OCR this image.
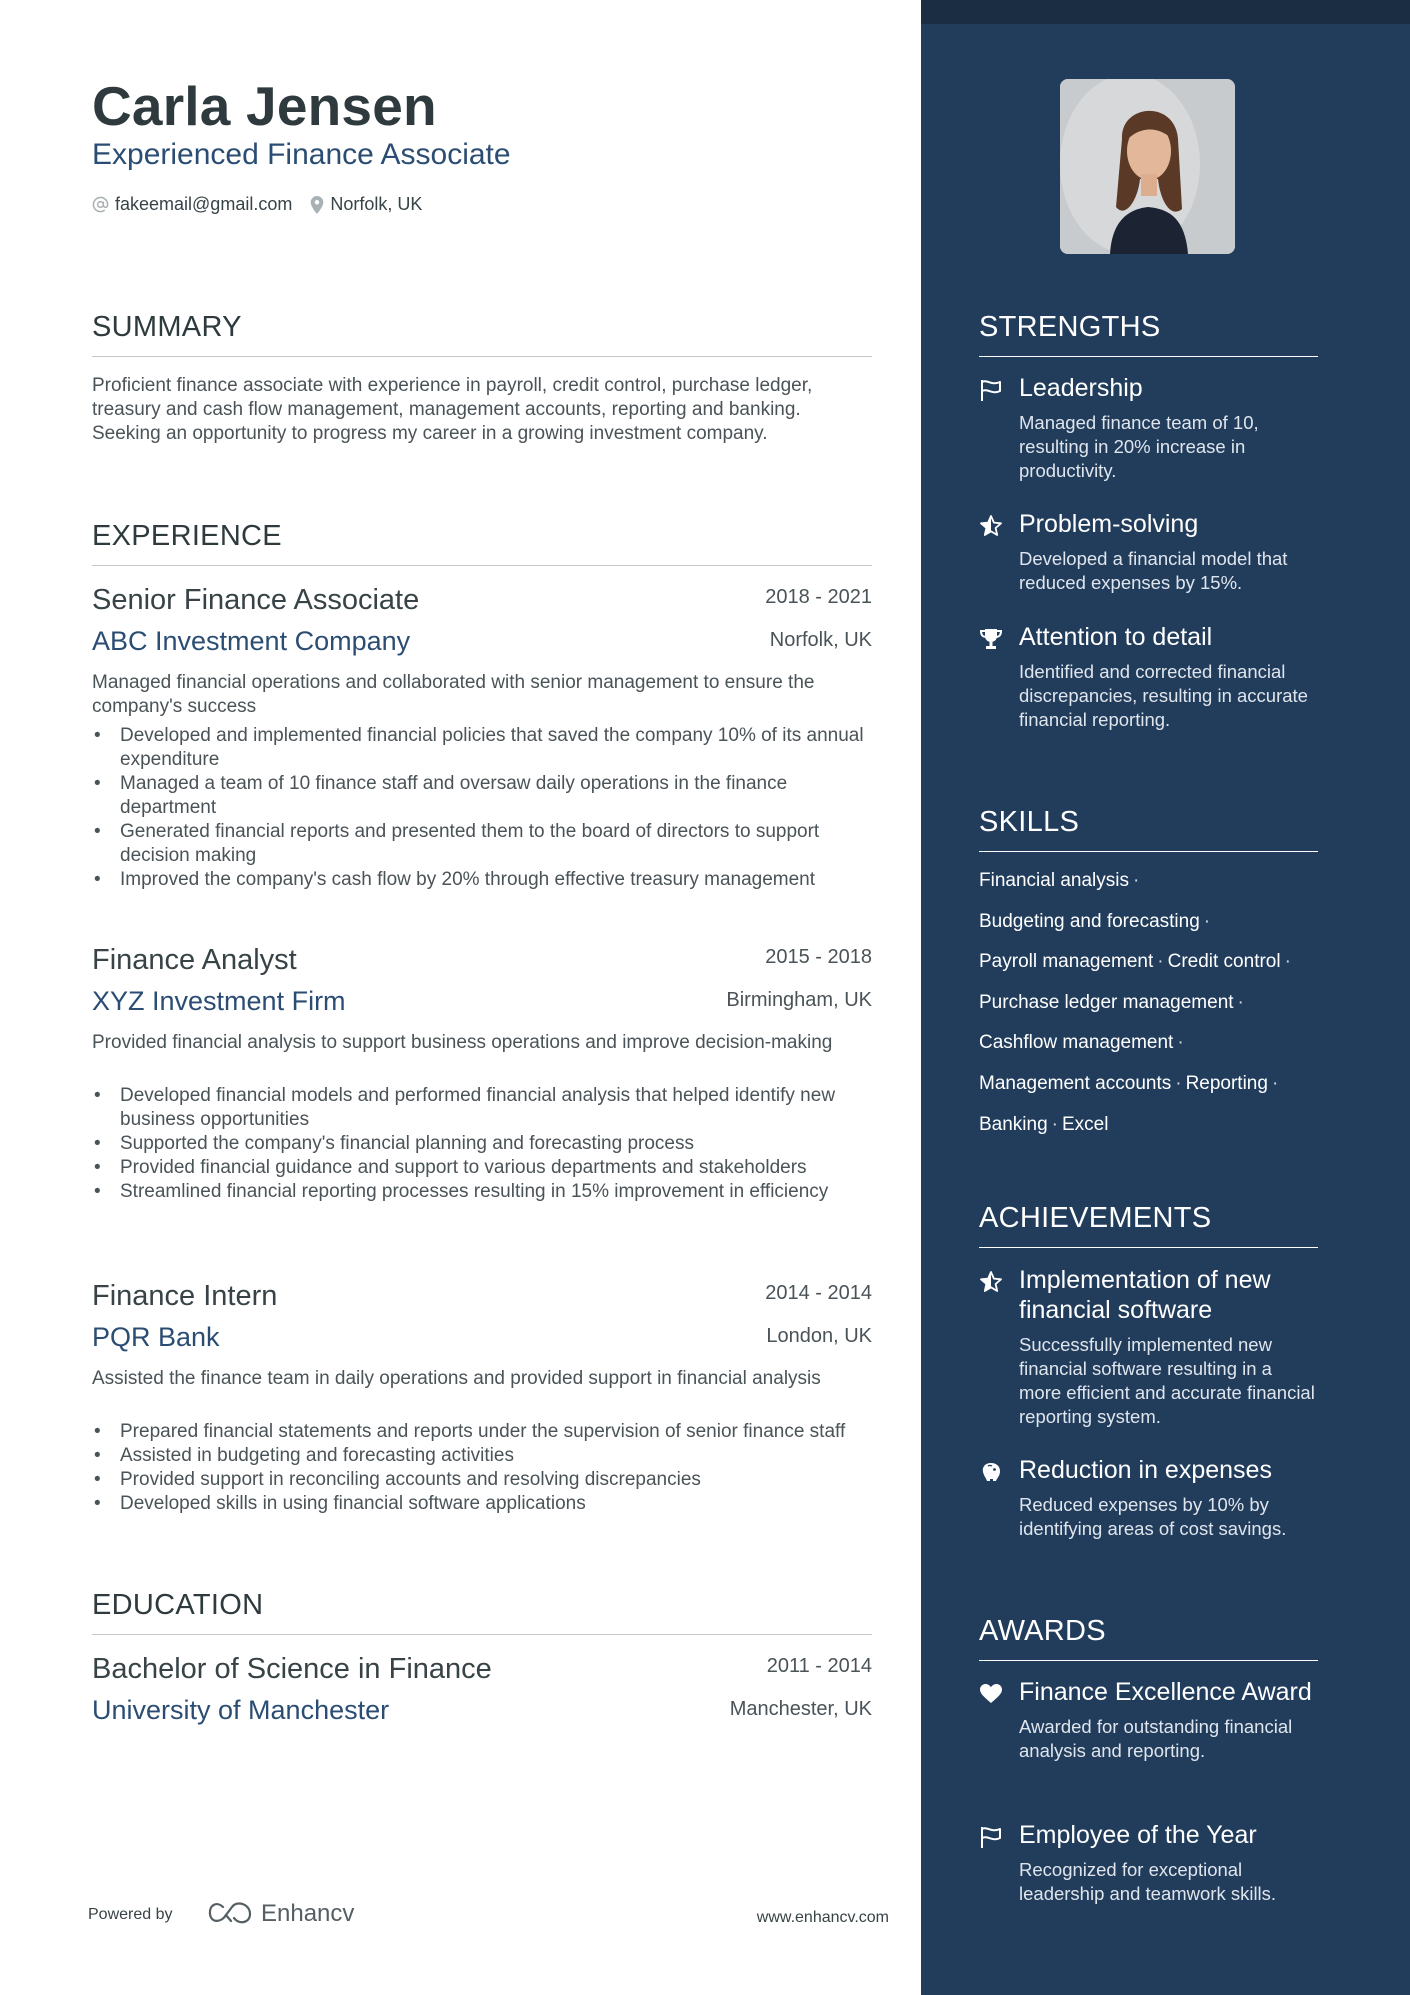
Carla Jensen
Experienced Finance Associate
fakeemail@gmail.com Norfolk, UK
SUMMARY
Proficient finance associate with experience in payroll, credit control, purchase ledger, treasury and cash flow management, management accounts, reporting and banking. Seeking an opportunity to progress my career in a growing investment company.
EXPERIENCE
Senior Finance Associate	2018 - 2021
ABC Investment Company	Norfolk, UK
Managed financial operations and collaborated with senior management to ensure the company's success
• Developed and implemented financial policies that saved the company 10% of its annual expenditure
• Managed a team of 10 finance staff and oversaw daily operations in the finance department
• Generated financial reports and presented them to the board of directors to support decision making
• Improved the company's cash flow by 20% through effective treasury management
Finance Analyst	2015 - 2018
XYZ Investment Firm	Birmingham, UK
Provided financial analysis to support business operations and improve decision-making
• Developed financial models and performed financial analysis that helped identify new business opportunities
• Supported the company's financial planning and forecasting process
• Provided financial guidance and support to various departments and stakeholders
• Streamlined financial reporting processes resulting in 15% improvement in efficiency
Finance Intern	2014 - 2014
PQR Bank	London, UK
Assisted the finance team in daily operations and provided support in financial analysis
• Prepared financial statements and reports under the supervision of senior finance staff
• Assisted in budgeting and forecasting activities
• Provided support in reconciling accounts and resolving discrepancies
• Developed skills in using financial software applications
EDUCATION
Bachelor of Science in Finance	2011 - 2014
University of Manchester	Manchester, UK
Powered by	Enhancv	www.enhancv.com
STRENGTHS
Leadership
Managed finance team of 10, resulting in 20% increase in productivity.
Problem-solving
Developed a financial model that reduced expenses by 15%.
Attention to detail
Identified and corrected financial discrepancies, resulting in accurate financial reporting.
SKILLS
Financial analysis ·
Budgeting and forecasting ·
Payroll management · Credit control ·
Purchase ledger management ·
Cashflow management ·
Management accounts · Reporting ·
Banking · Excel
ACHIEVEMENTS
Implementation of new financial software
Successfully implemented new financial software resulting in a more efficient and accurate financial reporting system.
Reduction in expenses
Reduced expenses by 10% by identifying areas of cost savings.
AWARDS
Finance Excellence Award
Awarded for outstanding financial analysis and reporting.
Employee of the Year
Recognized for exceptional leadership and teamwork skills.
